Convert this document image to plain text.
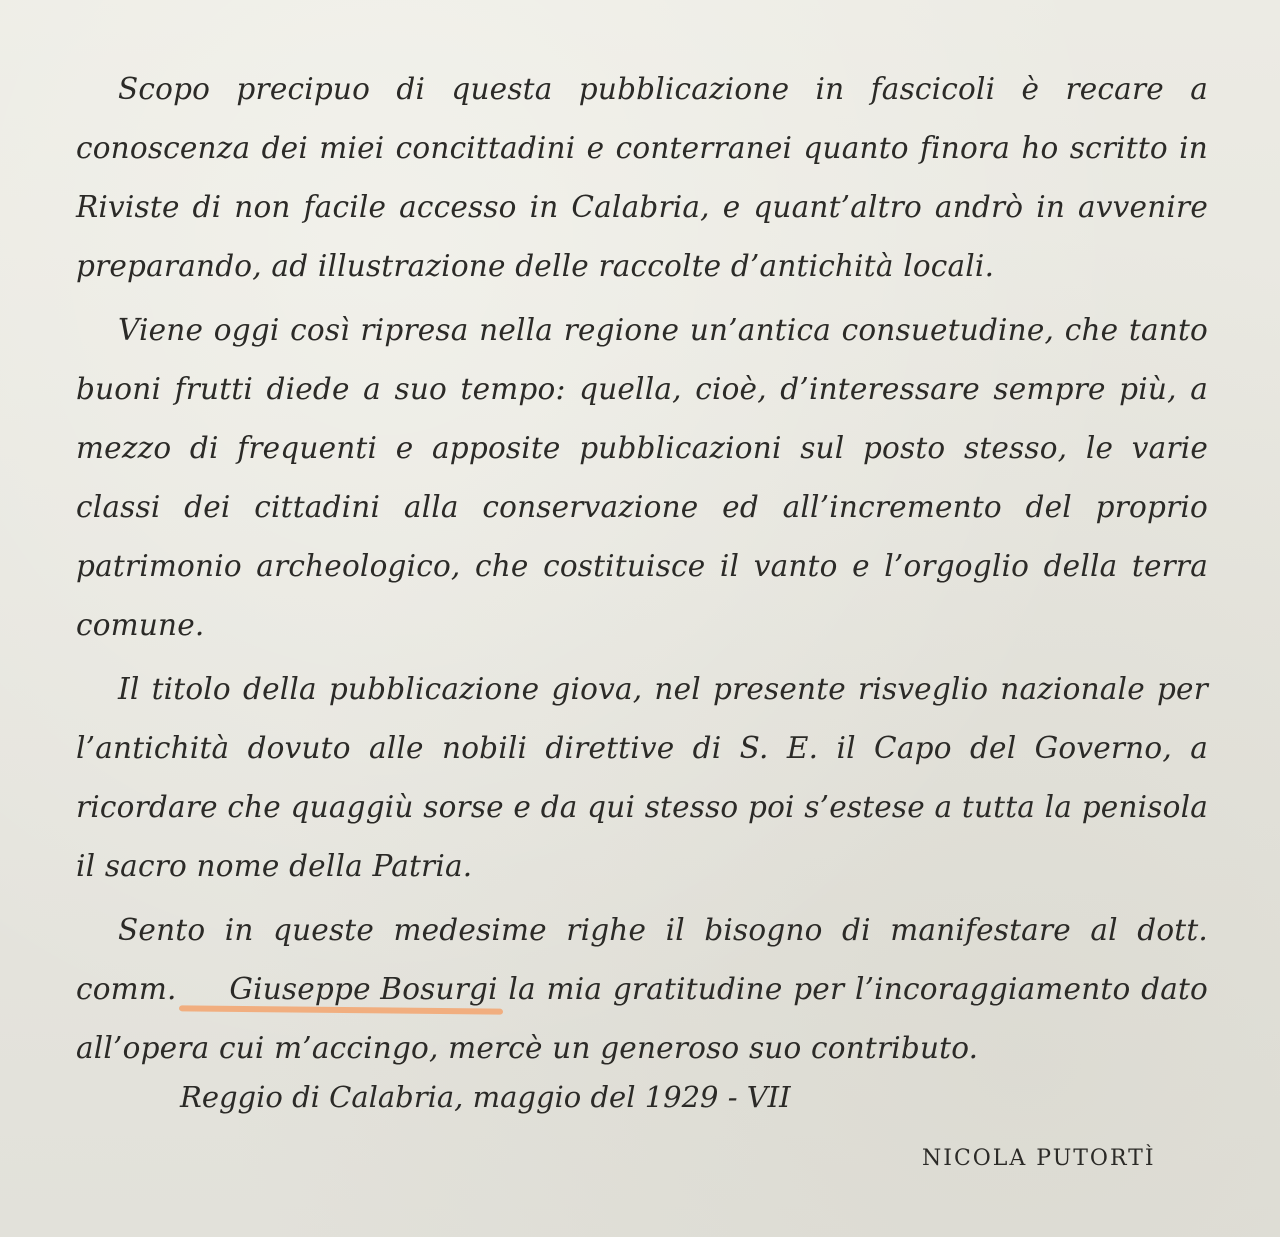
Scopo precipuo di questa pubblicazione in fascicoli è recare a conoscenza dei miei concittadini e conterranei quanto finora ho scritto in Riviste di non facile accesso in Calabria, e quant’altro andrò in avvenire preparando, ad illustrazione delle raccolte d’antichità locali.

Viene oggi così ripresa nella regione un’antica consuetudine, che tanto buoni frutti diede a suo tempo: quella, cioè, d’interessare sempre più, a mezzo di frequenti e apposite pubblicazioni sul posto stesso, le varie classi dei cittadini alla conservazione ed all’incremento del proprio patrimonio archeologico, che costituisce il vanto e l’orgoglio della terra comune.

Il titolo della pubblicazione giova, nel presente risveglio nazionale per l’antichità dovuto alle nobili direttive di S. E. il Capo del Governo, a ricordare che quaggiù sorse e da qui stesso poi s’estese a tutta la penisola il sacro nome della Patria.

Sento in queste medesime righe il bisogno di manifestare al dott. comm. Giuseppe Bosurgi la mia gratitudine per l’incoraggiamento dato all’opera cui m’accingo, mercè un generoso suo contributo.

Reggio di Calabria, maggio del 1929 - VII
NICOLA PUTORTÌ
